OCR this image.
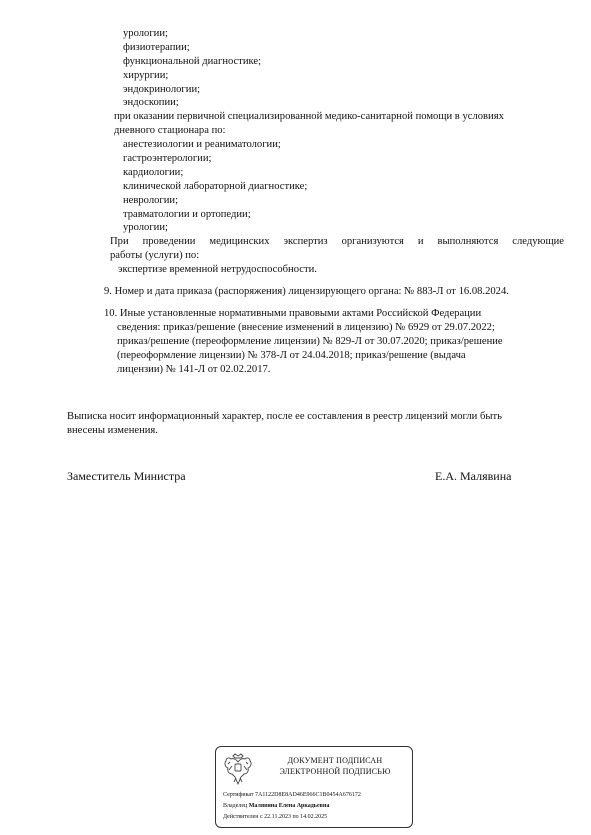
урологии;
физиотерапии;
функциональной диагностике;
хирургии;
эндокринологии;
эндоскопии;
при оказании первичной специализированной медико-санитарной помощи в условиях
дневного стационара по:
анестезиологии и реаниматологии;
гастроэнтерологии;
кардиологии;
клинической лабораторной диагностике;
неврологии;
травматологии и ортопедии;
урологии;
При проведении медицинских экспертиз организуются и выполняются следующие
работы (услуги) по:
экспертизе временной нетрудоспособности.
9. Номер и дата приказа (распоряжения) лицензирующего органа: № 883-Л от 16.08.2024.
10. Иные установленные нормативными правовыми актами Российской Федерации
сведения: приказ/решение (внесение изменений в лицензию) № 6929 от 29.07.2022;
приказ/решение (переоформление лицензии) № 829-Л от 30.07.2020; приказ/решение
(переоформление лицензии) № 378-Л от 24.04.2018; приказ/решение (выдача
лицензии) № 141-Л от 02.02.2017.
Выписка носит информационный характер, после ее составления в реестр лицензий могли быть
внесены изменения.
Заместитель Министра	Е.А. Малявина
ДОКУМЕНТ ПОДПИСАН
ЭЛЕКТРОННОЙ ПОДПИСЬЮ
Сертификат 7A1122D8E8AD46E966C1B0454A676172
Владелец Малявина Елена Аркадьевна
Действителен с 22.11.2023 по 14.02.2025
